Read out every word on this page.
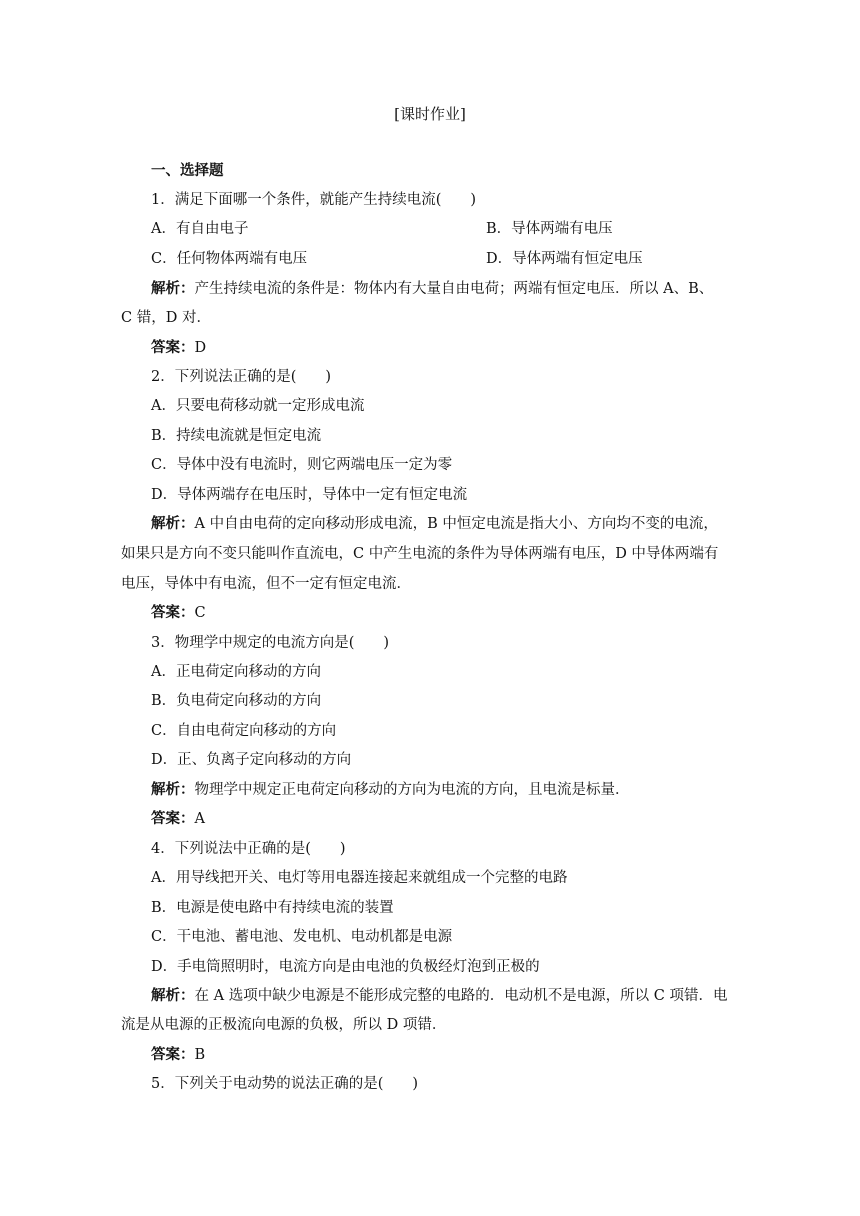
[课时作业]
一、选择题
1．满足下面哪一个条件，就能产生持续电流(　　)
A．有自由电子	B．导体两端有电压
C．任何物体两端有电压	D．导体两端有恒定电压
解析：产生持续电流的条件是：物体内有大量自由电荷；两端有恒定电压．所以 A、B、
C 错，D 对．
答案：D
2．下列说法正确的是(　　)
A．只要电荷移动就一定形成电流
B．持续电流就是恒定电流
C．导体中没有电流时，则它两端电压一定为零
D．导体两端存在电压时，导体中一定有恒定电流
解析：A 中自由电荷的定向移动形成电流，B 中恒定电流是指大小、方向均不变的电流，
如果只是方向不变只能叫作直流电，C 中产生电流的条件为导体两端有电压，D 中导体两端有
电压，导体中有电流，但不一定有恒定电流．
答案：C
3．物理学中规定的电流方向是(　　)
A．正电荷定向移动的方向
B．负电荷定向移动的方向
C．自由电荷定向移动的方向
D．正、负离子定向移动的方向
解析：物理学中规定正电荷定向移动的方向为电流的方向，且电流是标量．
答案：A
4．下列说法中正确的是(　　)
A．用导线把开关、电灯等用电器连接起来就组成一个完整的电路
B．电源是使电路中有持续电流的装置
C．干电池、蓄电池、发电机、电动机都是电源
D．手电筒照明时，电流方向是由电池的负极经灯泡到正极的
解析：在 A 选项中缺少电源是不能形成完整的电路的．电动机不是电源，所以 C 项错．电
流是从电源的正极流向电源的负极，所以 D 项错．
答案：B
5．下列关于电动势的说法正确的是(　　)
